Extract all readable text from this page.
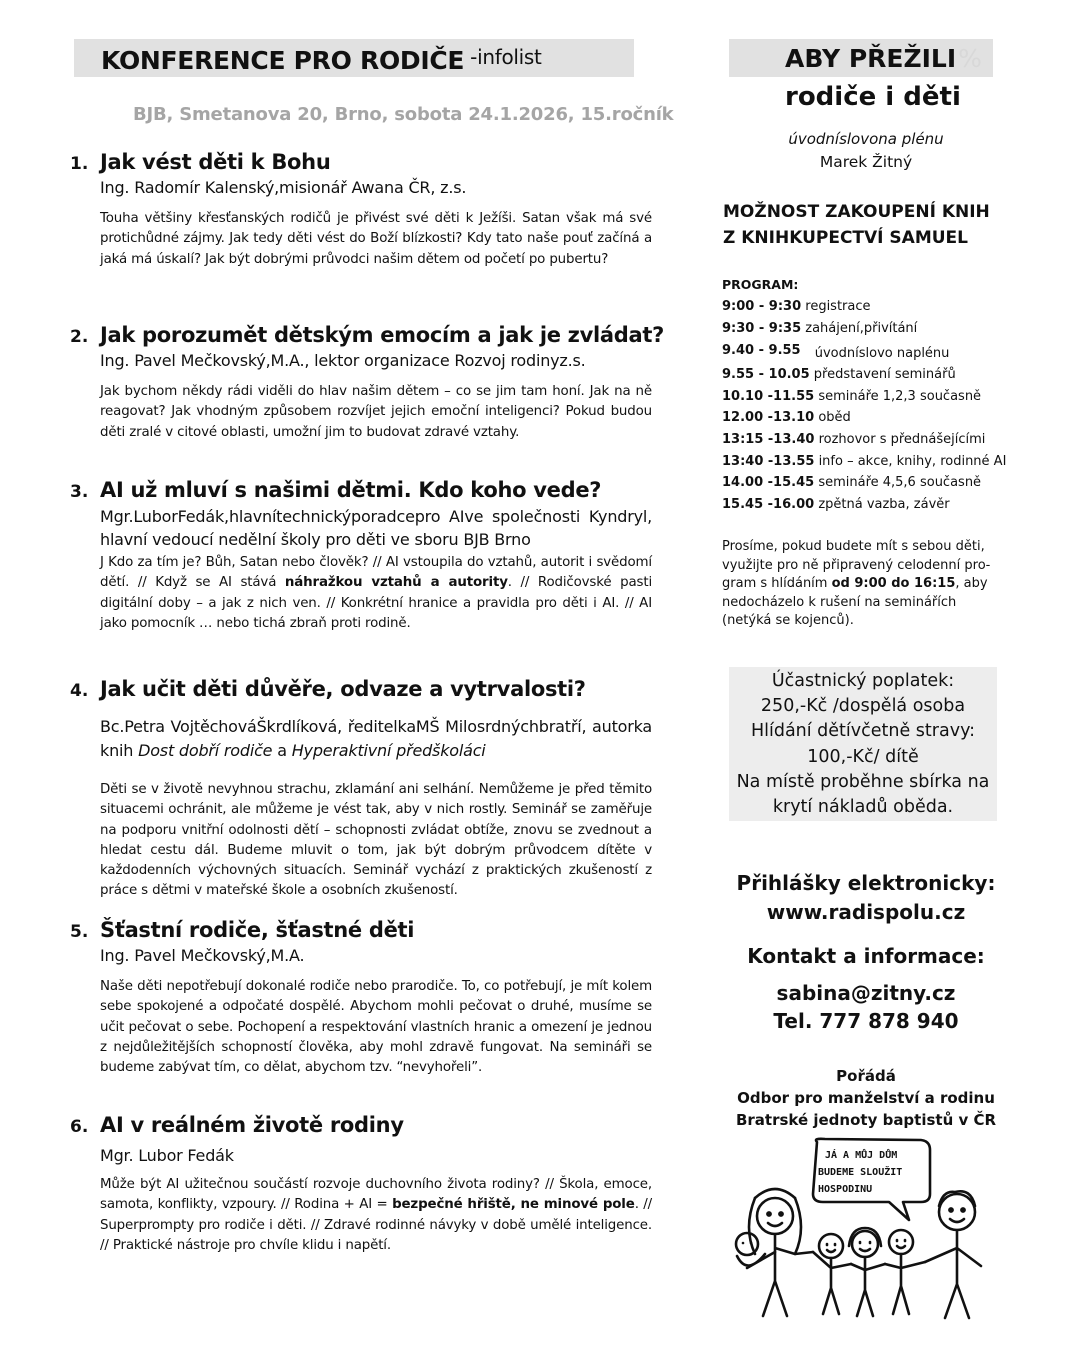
KONFERENCE PRO RODIČE $^{-infolist}$
BJB, Smetanova 20, Brno, sobota 24.1.2026, 15.ročník
1. Jak vést děti k Bohu
Ing. Radomír Kalenský,misionář Awana ČR, z.s.
Touha většiny křesťanských rodičů je přivést své děti k Ježíši. Satan však má své protichůdné zájmy. Jak tedy děti vést do Boží blízkosti? Kdy tato naše pouť začíná a jaká má úskalí? Jak být dobrými průvodci našim dětem od početí po pubertu?
2. Jak porozumět dětským emocím a jak je zvládat?
Ing. Pavel Mečkovský,M.A., lektor organizace Rozvoj rodinyz.s.
Jak bychom někdy rádi viděli do hlav našim dětem – co se jim tam honí. Jak na ně reagovat? Jak vhodným způsobem rozvíjet jejich emoční inteligenci? Pokud budou děti zralé v citové oblasti, umožní jim to budovat zdravé vztahy.
3. AI už mluví s našimi dětmi. Kdo koho vede?
Mgr.LuborFedák,hlavnítechnickýporadcepro AIve společnosti Kyndryl, hlavní vedoucí nedělní školy pro děti ve sboru BJB Brno
J Kdo za tím je? Bůh, Satan nebo člověk? // AI vstoupila do vztahů, autorit i svědomí dětí. // Když se AI stává náhražkou vztahů a autority. // Rodičovské pasti digitální doby – a jak z nich ven. // Konkrétní hranice a pravidla pro děti i AI. // AI jako pomocník … nebo tichá zbraň proti rodině.
4. Jak učit děti důvěře, odvaze a vytrvalosti?
Bc.Petra VojtěchováŠkrdlíková, ředitelkaMŠ Milosrdnýchbratří, autorka knih Dost dobří rodiče a Hyperaktivní předškoláci
Děti se v životě nevyhnou strachu, zklamání ani selhání. Nemůžeme je před těmito situacemi ochránit, ale můžeme je vést tak, aby v nich rostly. Seminář se zaměřuje na podporu vnitřní odolnosti dětí – schopnosti zvládat obtíže, znovu se zvednout a hledat cestu dál. Budeme mluvit o tom, jak být dobrým průvodcem dítěte v každodenních výchovných situacích. Seminář vychází z praktických zkušeností z práce s dětmi v mateřské škole a osobních zkušeností.
5. Šťastní rodiče, šťastné děti
Ing. Pavel Mečkovský,M.A.
Naše děti nepotřebují dokonalé rodiče nebo prarodiče. To, co potřebují, je mít kolem sebe spokojené a odpočaté dospělé. Abychom mohli pečovat o druhé, musíme se učit pečovat o sebe. Pochopení a respektování vlastních hranic a omezení je jednou z nejdůležitějších schopností člověka, aby mohl zdravě fungovat. Na semináři se budeme zabývat tím, co dělat, abychom tzv. “nevyhořeli”.
6. AI v reálném životě rodiny
Mgr. Lubor Fedák
Může být AI užitečnou součástí rozvoje duchovního života rodiny? // Škola, emoce, samota, konflikty, vzpoury. // Rodina + AI = bezpečné hřiště, ne minové pole. // Superprompty pro rodiče i děti. // Zdravé rodinné návyky v době umělé inteligence. // Praktické nástroje pro chvíle klidu i napětí.
ABY PŘEŽILI%
rodiče i děti
úvodníslovona plénu
Marek Žitný
MOŽNOST ZAKOUPENÍ KNIH
Z KNIHKUPECTVÍ SAMUEL
PROGRAM:
9:00 - 9:30 registrace
9:30 - 9:35 zahájení,přivítání
9.40 - 9.55 úvodníslovo naplénu
9.55 - 10.05 představení seminářů
10.10 -11.55 semináře 1,2,3 současně
12.00 -13.10 oběd
13:15 -13.40 rozhovor s přednášejícími
13:40 -13.55 info – akce, knihy, rodinné AI
14.00 -15.45 semináře 4,5,6 současně
15.45 -16.00 zpětná vazba, závěr
Prosíme, pokud budete mít s sebou děti, využijte pro ně připravený celodenní program s hlídáním od 9:00 do 16:15, aby nedocházelo k rušení na seminářích (netýká se kojenců).
Účastnický poplatek:
250,-Kč /dospělá osoba
Hlídání dětívčetně stravy:
100,-Kč/ dítě
Na místě proběhne sbírka na
krytí nákladů oběda.
Přihlášky elektronicky:
www.radispolu.cz
Kontakt a informace:
sabina@zitny.cz
Tel. 777 878 940
Pořádá
Odbor pro manželství a rodinu
Bratrské jednoty baptistů v ČR
JÁ A MŮJ DŮM
BUDEME SLOUŽIT
HOSPODINU
